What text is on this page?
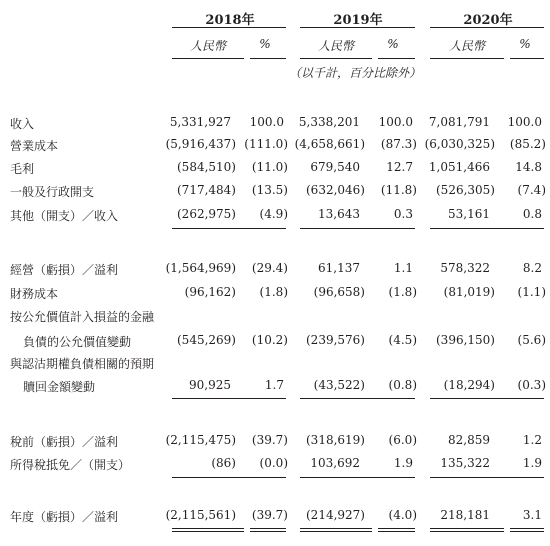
2018年	2019年	2020年
人民幣	%	人民幣	%	人民幣	%
（以千計，百分比除外）
收入	5,331,927 100.0 5,338,201 100.0 7,081,791 100.0
營業成本	(5,916,437) (111.0) (4,658,661) (87.3) (6,030,325) (85.2)
毛利	(584,510) (11.0) 679,540 12.7 1,051,466 14.8
一般及行政開支	(717,484) (13.5) (632,046) (11.8) (526,305) (7.4)
其他（開支）／收入	(262,975) (4.9)	13,643	0.3	53,161	0.8
經營（虧損）／溢利	(1,564,969) (29.4)	61,137	1.1 578,322	8.2
財務成本	(96,162) (1.8) (96,658) (1.8) (81,019) (1.1)
按公允價值計入損益的金融
負債的公允價值變動	(545,269) (10.2) (239,576) (4.5) (396,150) (5.6)
與認沽期權負債相關的預期
贖回金額變動	90,925	1.7 (43,522) (0.8) (18,294) (0.3)
稅前（虧損）／溢利	(2,115,475) (39.7) (318,619) (6.0)	82,859	1.2
所得稅抵免／（開支）	(86) (0.0) 103,692	1.9 135,322	1.9
年度（虧損）／溢利	(2,115,561) (39.7) (214,927) (4.0) 218,181	3.1
